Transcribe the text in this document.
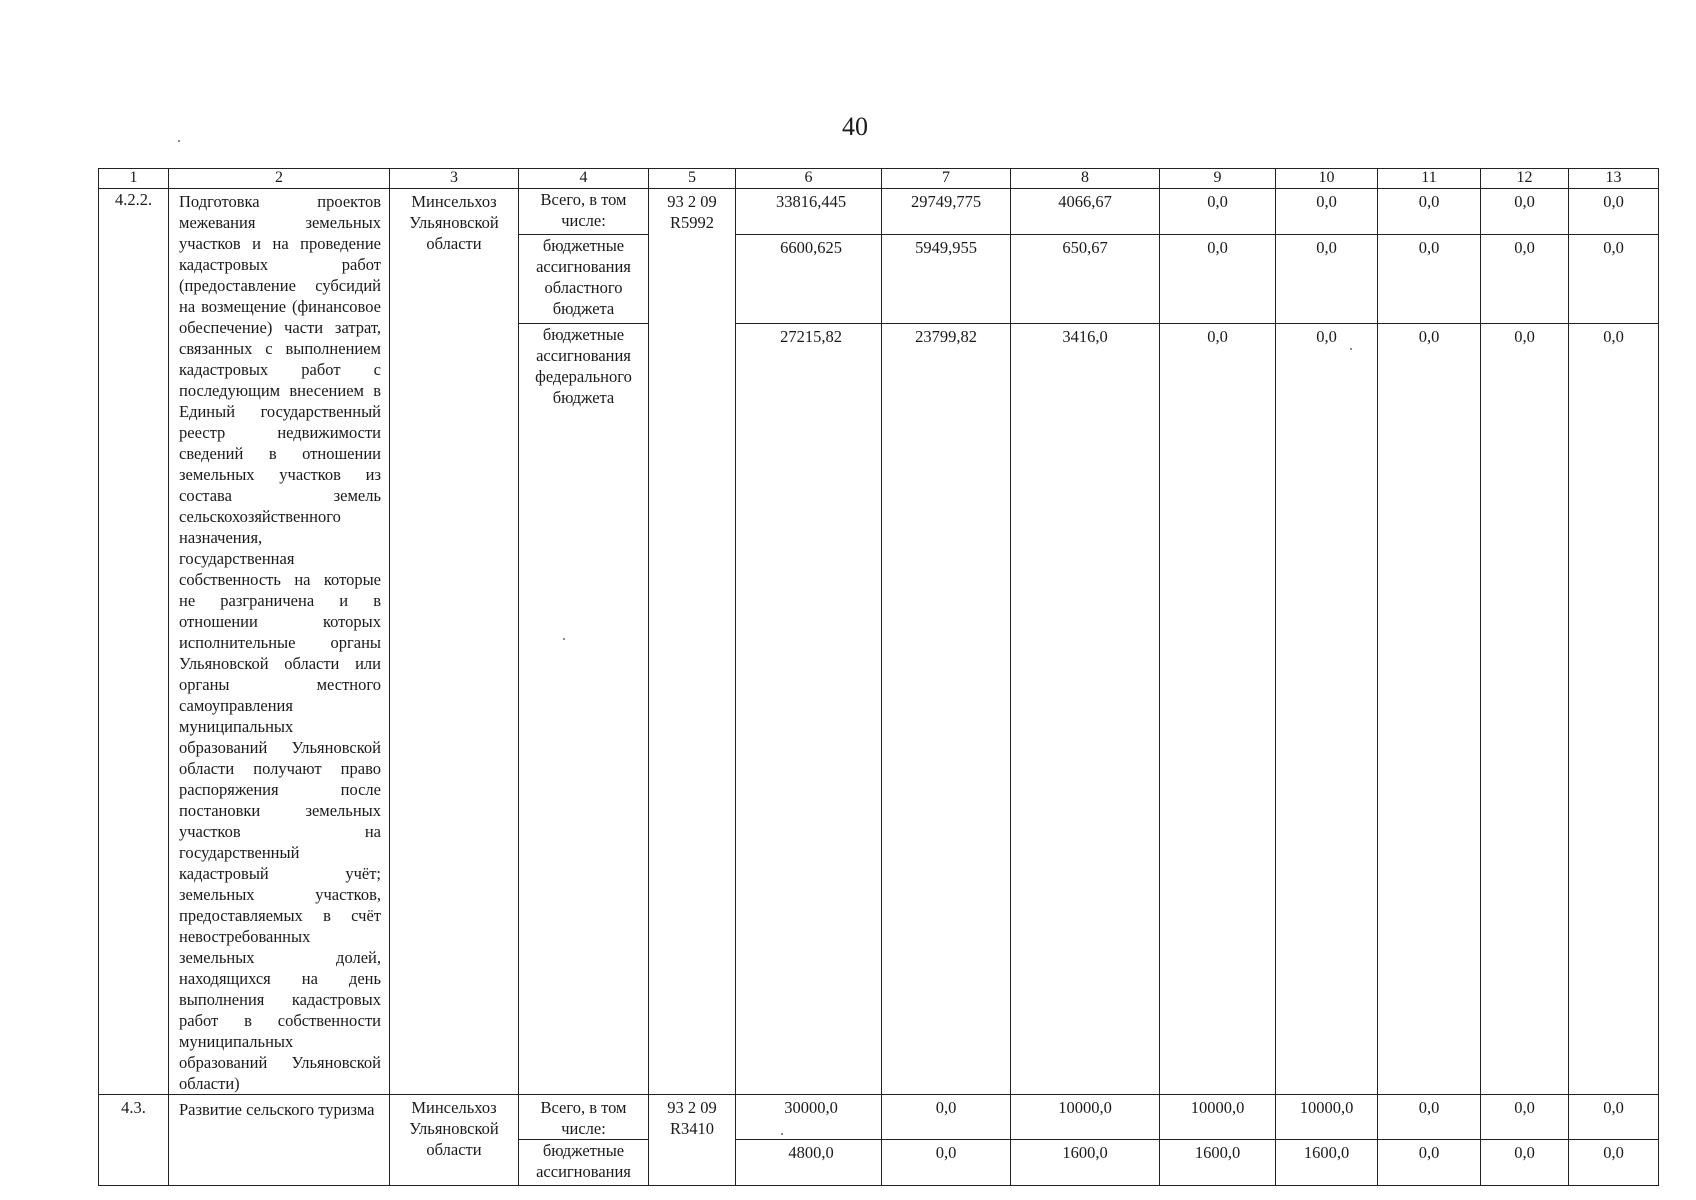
40
1	2	3	4	5	6	7	8	9	10	11	12	13
4.2.2.	Подготовка проектов межевания земельных участков и на проведение кадастровых работ (предоставление субсидий на возмещение (финансовое обеспечение) части затрат, связанных с выполнением кадастровых работ с последующим внесением в Единый государственный реестр недвижимости сведений в отношении земельных участков из состава земель сельскохозяйственного назначения, государственная собственность на которые не разграничена и в отношении которых исполнительные органы Ульяновской области или органы местного самоуправления муниципальных образований Ульяновской области получают право распоряжения после постановки земельных участков на государственный кадастровый учёт; земельных участков, предоставляемых в счёт невостребованных земельных долей, находящихся на день выполнения кадастровых работ в собственности муниципальных образований Ульяновской области)	Минсельхоз Ульяновской области	Всего, в том числе:	93 2 09 R5992	33816,445	29749,775	4066,67	0,0	0,0	0,0	0,0	0,0
			бюджетные ассигнования областного бюджета		6600,625	5949,955	650,67	0,0	0,0	0,0	0,0	0,0
			бюджетные ассигнования федерального бюджета		27215,82	23799,82	3416,0	0,0	0,0	0,0	0,0	0,0
4.3.	Развитие сельского туризма	Минсельхоз Ульяновской области	Всего, в том числе:	93 2 09 R3410	30000,0	0,0	10000,0	10000,0	10000,0	0,0	0,0	0,0
			бюджетные ассигнования		4800,0	0,0	1600,0	1600,0	1600,0	0,0	0,0	0,0
